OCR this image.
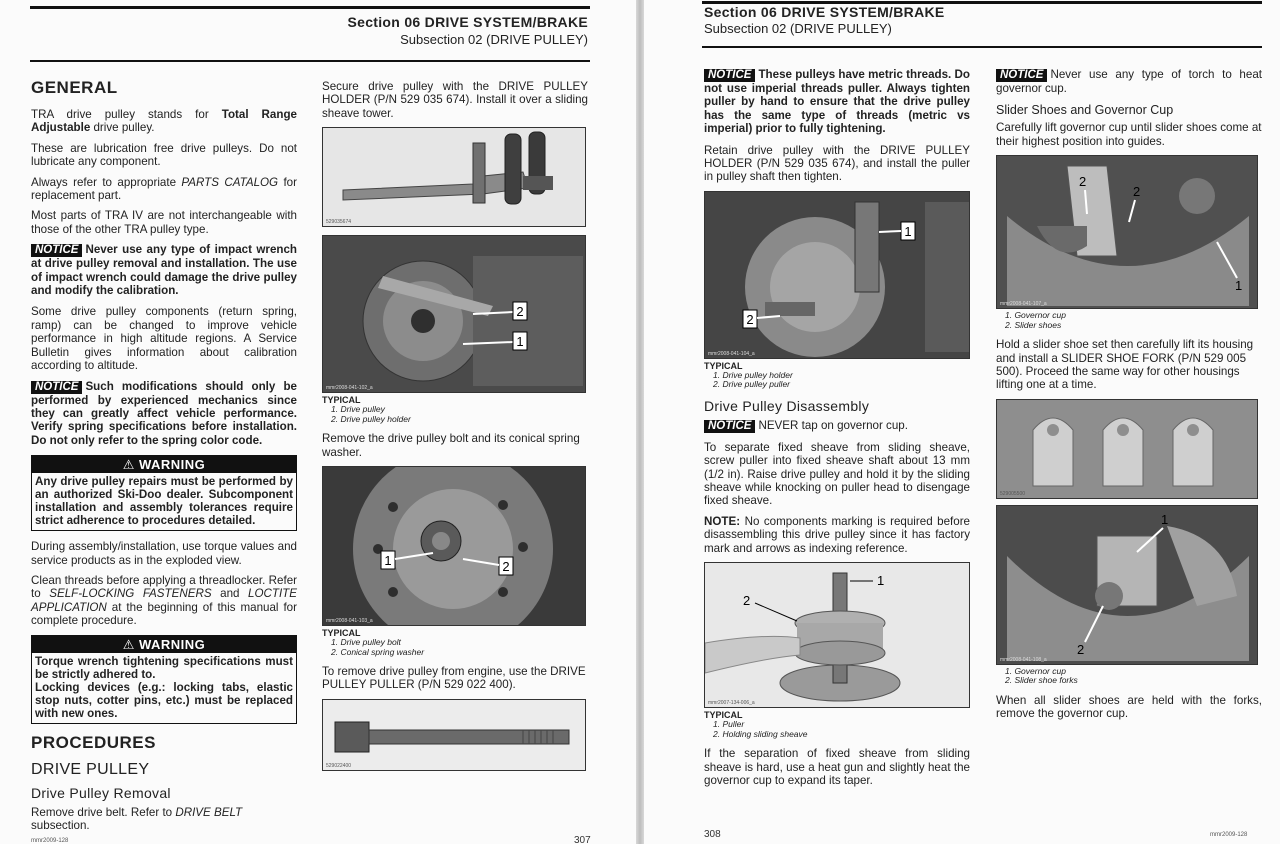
Section 06 DRIVE SYSTEM/BRAKE
Subsection 02 (DRIVE PULLEY)
GENERAL
TRA drive pulley stands for Total Range Adjustable drive pulley.
These are lubrication free drive pulleys. Do not lubricate any component.
Always refer to appropriate PARTS CATALOG for replacement part.
Most parts of TRA IV are not interchangeable with those of the other TRA pulley type.
NOTICE Never use any type of impact wrench at drive pulley removal and installation. The use of impact wrench could damage the drive pulley and modify the calibration.
Some drive pulley components (return spring, ramp) can be changed to improve vehicle performance in high altitude regions. A Service Bulletin gives information about calibration according to altitude.
NOTICE Such modifications should only be performed by experienced mechanics since they can greatly affect vehicle performance. Verify spring specifications before installation. Do not only refer to the spring color code.
⚠ WARNING
Any drive pulley repairs must be performed by an authorized Ski-Doo dealer. Subcomponent installation and assembly tolerances require strict adherence to procedures detailed.
During assembly/installation, use torque values and service products as in the exploded view.
Clean threads before applying a threadlocker. Refer to SELF-LOCKING FASTENERS and LOCTITE APPLICATION at the beginning of this manual for complete procedure.
⚠ WARNING
Torque wrench tightening specifications must be strictly adhered to.
Locking devices (e.g.: locking tabs, elastic stop nuts, cotter pins, etc.) must be replaced with new ones.
PROCEDURES
DRIVE PULLEY
Drive Pulley Removal
Remove drive belt. Refer to DRIVE BELT subsection.
Secure drive pulley with the DRIVE PULLEY HOLDER (P/N 529 035 674). Install it over a sliding sheave tower.
529035674
2
1
mmr2008-041-102_a
TYPICAL
1. Drive pulley
2. Drive pulley holder
Remove the drive pulley bolt and its conical spring washer.
1	2
mmr2008-041-103_a
TYPICAL
1. Drive pulley bolt
2. Conical spring washer
To remove drive pulley from engine, use the DRIVE PULLEY PULLER (P/N 529 022 400).
529022400
mmr2009-128	307
Section 06 DRIVE SYSTEM/BRAKE
Subsection 02 (DRIVE PULLEY)
NOTICE These pulleys have metric threads. Do not use imperial threads puller. Always tighten puller by hand to ensure that the drive pulley has the same type of threads (metric vs imperial) prior to fully tightening.
Retain drive pulley with the DRIVE PULLEY HOLDER (P/N 529 035 674), and install the puller in pulley shaft then tighten.
1
2
mmr2008-041-104_a
TYPICAL
1. Drive pulley holder
2. Drive pulley puller
Drive Pulley Disassembly
NOTICE NEVER tap on governor cup.
To separate fixed sheave from sliding sheave, screw puller into fixed sheave shaft about 13 mm (1/2 in). Raise drive pulley and hold it by the sliding sheave while knocking on puller head to disengage fixed sheave.
NOTE: No components marking is required before disassembling this drive pulley since it has factory mark and arrows as indexing reference.
1
2
mmr2007-134-006_a
TYPICAL
1. Puller
2. Holding sliding sheave
If the separation of fixed sheave from sliding sheave is hard, use a heat gun and slightly heat the governor cup to expand its taper.
NOTICE Never use any type of torch to heat governor cup.
Slider Shoes and Governor Cup
Carefully lift governor cup until slider shoes come at their highest position into guides.
2
2
1
mmr2008-041-107_a
1. Governor cup
2. Slider shoes
Hold a slider shoe set then carefully lift its housing and install a SLIDER SHOE FORK (P/N 529 005 500). Proceed the same way for other housings lifting one at a time.
529005500
1
2
mmr2008-041-108_a
1. Governor cup
2. Slider shoe forks
When all slider shoes are held with the forks, remove the governor cup.
308	mmr2009-128
